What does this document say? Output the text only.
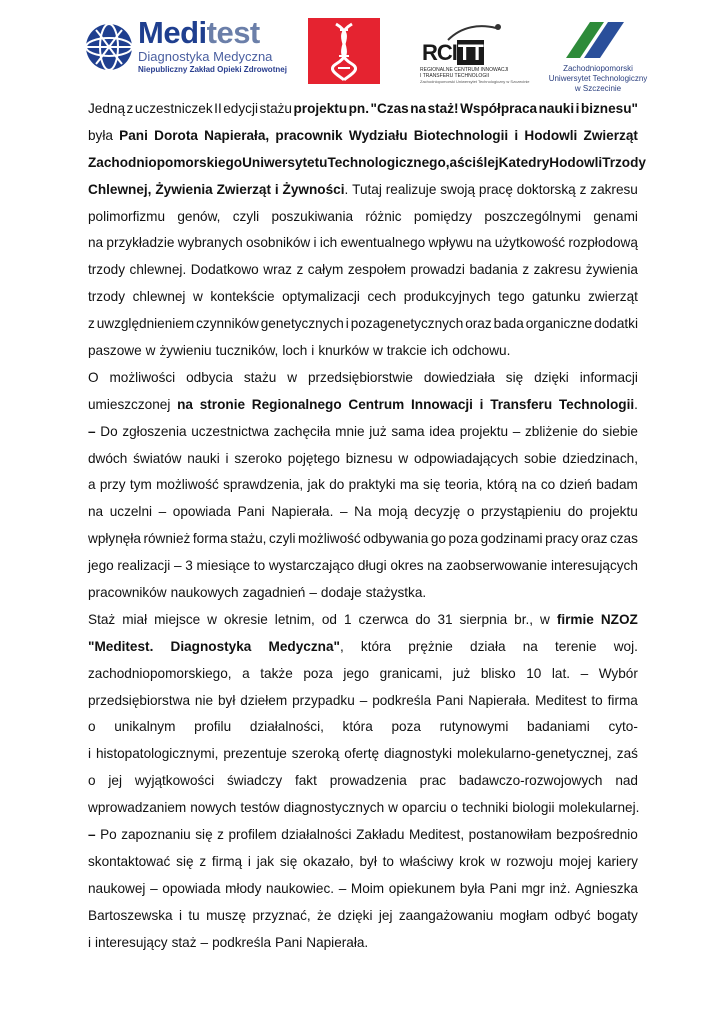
Meditest
Diagnostyka Medyczna
Niepubliczny Zakład Opieki Zdrowotnej
RCITT
REGIONALNE CENTRUM INNOWACJI
I TRANSFERU TECHNOLOGII
Zachodniopomorski Uniwersytet Technologiczny w Szczecinie
Zachodniopomorski
Uniwersytet Technologiczny
w Szczecinie
Jedną z uczestniczek II edycji stażu projektu pn. "Czas na staż! Współpraca nauki i biznesu"
była Pani Dorota Napierała, pracownik Wydziału Biotechnologii i Hodowli Zwierząt
Zachodniopomorskiego Uniwersytetu Technologicznego, a ściślej Katedry Hodowli Trzody
Chlewnej, Żywienia Zwierząt i Żywności. Tutaj realizuje swoją pracę doktorską z zakresu
polimorfizmu genów, czyli poszukiwania różnic pomiędzy poszczególnymi genami
na przykładzie wybranych osobników i ich ewentualnego wpływu na użytkowość rozpłodową
trzody chlewnej. Dodatkowo wraz z całym zespołem prowadzi badania z zakresu żywienia
trzody chlewnej w kontekście optymalizacji cech produkcyjnych tego gatunku zwierząt
z uwzględnieniem czynników genetycznych i pozagenetycznych oraz bada organiczne dodatki
paszowe w żywieniu tuczników, loch i knurków w trakcie ich odchowu.
O możliwości odbycia stażu w przedsiębiorstwie dowiedziała się dzięki informacji
umieszczonej na stronie Regionalnego Centrum Innowacji i Transferu Technologii.
– Do zgłoszenia uczestnictwa zachęciła mnie już sama idea projektu – zbliżenie do siebie
dwóch światów nauki i szeroko pojętego biznesu w odpowiadających sobie dziedzinach,
a przy tym możliwość sprawdzenia, jak do praktyki ma się teoria, którą na co dzień badam
na uczelni – opowiada Pani Napierała. – Na moją decyzję o przystąpieniu do projektu
wpłynęła również forma stażu, czyli możliwość odbywania go poza godzinami pracy oraz czas
jego realizacji – 3 miesiące to wystarczająco długi okres na zaobserwowanie interesujących
pracowników naukowych zagadnień – dodaje stażystka.
Staż miał miejsce w okresie letnim, od 1 czerwca do 31 sierpnia br., w firmie NZOZ
"Meditest. Diagnostyka Medyczna", która prężnie działa na terenie woj.
zachodniopomorskiego, a także poza jego granicami, już blisko 10 lat. – Wybór
przedsiębiorstwa nie był dziełem przypadku – podkreśla Pani Napierała. Meditest to firma
o unikalnym profilu działalności, która poza rutynowymi badaniami cyto-
i histopatologicznymi, prezentuje szeroką ofertę diagnostyki molekularno-genetycznej, zaś
o jej wyjątkowości świadczy fakt prowadzenia prac badawczo-rozwojowych nad
wprowadzaniem nowych testów diagnostycznych w oparciu o techniki biologii molekularnej.
– Po zapoznaniu się z profilem działalności Zakładu Meditest, postanowiłam bezpośrednio
skontaktować się z firmą i jak się okazało, był to właściwy krok w rozwoju mojej kariery
naukowej – opowiada młody naukowiec. – Moim opiekunem była Pani mgr inż. Agnieszka
Bartoszewska i tu muszę przyznać, że dzięki jej zaangażowaniu mogłam odbyć bogaty
i interesujący staż – podkreśla Pani Napierała.
